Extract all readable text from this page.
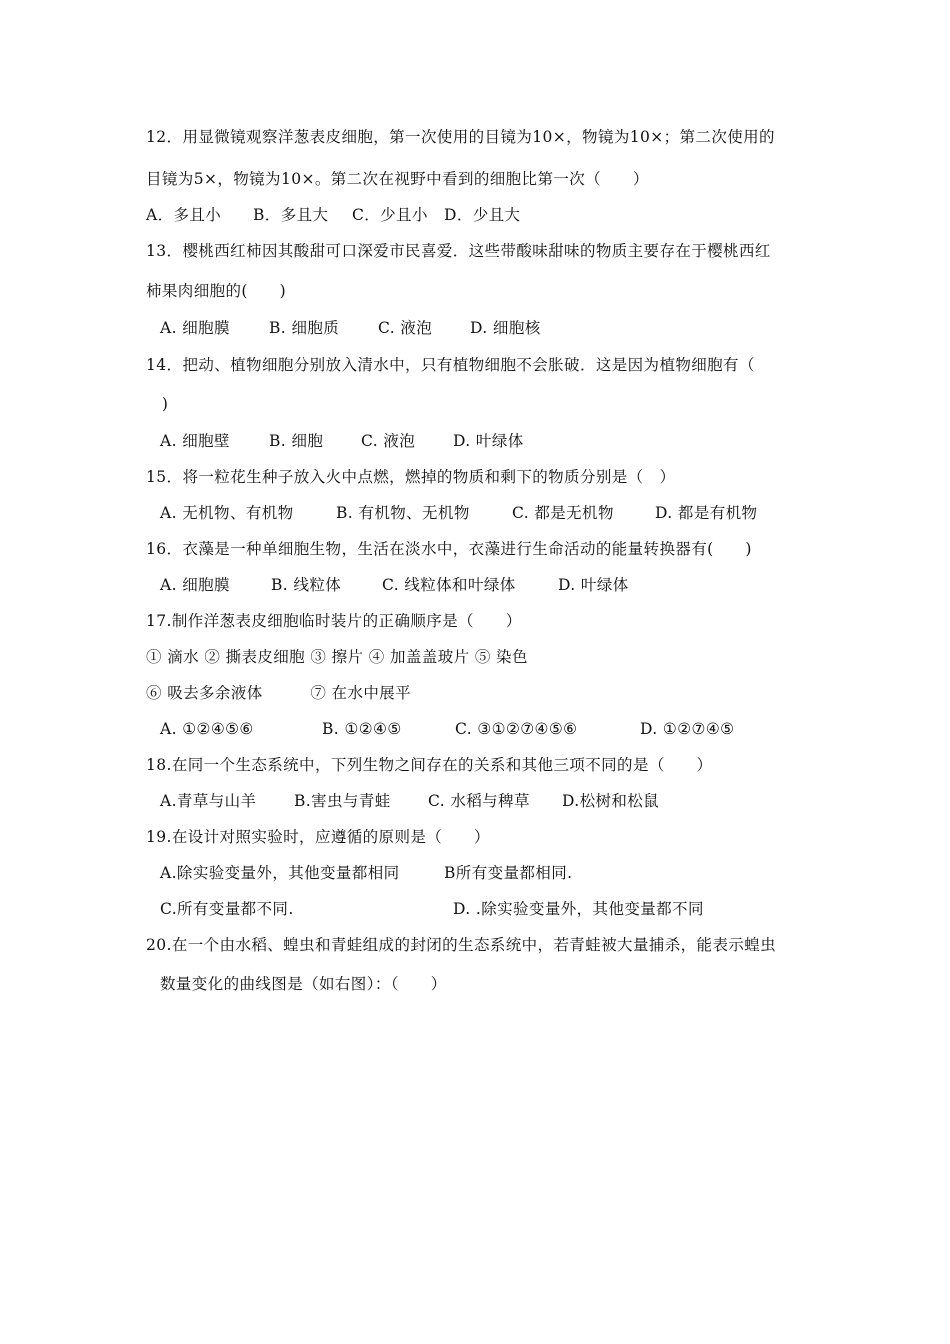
12．用显微镜观察洋葱表皮细胞，第一次使用的目镜为10×，物镜为10×；第二次使用的
目镜为5×，物镜为10×。第二次在视野中看到的细胞比第一次（　　）
A．多且小 B．多且大 C．少且小 D．少且大
13．樱桃西红柿因其酸甜可口深爱市民喜爱．这些带酸味甜味的物质主要存在于樱桃西红
柿果肉细胞的(　　)
A. 细胞膜	B. 细胞质	C. 液泡 D. 细胞核
14．把动、植物细胞分别放入清水中，只有植物细胞不会胀破．这是因为植物细胞有（
　)
A. 细胞壁	B. 细胞 C. 液泡 D. 叶绿体
15．将一粒花生种子放入火中点燃，燃掉的物质和剩下的物质分别是（　）
A. 无机物、有机物	B. 有机物、无机物	C. 都是无机物	D. 都是有机物
16．衣藻是一种单细胞生物，生活在淡水中，衣藻进行生命活动的能量转换器有(　　)
A. 细胞膜	B. 线粒体	C. 线粒体和叶绿体	D. 叶绿体
17.制作洋葱表皮细胞临时装片的正确顺序是（　　）
① 滴水 ② 撕表皮细胞 ③ 擦片 ④ 加盖盖玻片 ⑤ 染色
⑥ 吸去多余液体　　　⑦ 在水中展平
A. ①②④⑤⑥	B. ①②④⑤	C. ③①②⑦④⑤⑥	D. ①②⑦④⑤
18.在同一个生态系统中，下列生物之间存在的关系和其他三项不同的是（　　）
A.青草与山羊 B.害虫与青蛙 C. 水稻与稗草 D.松树和松鼠
19.在设计对照实验时，应遵循的原则是（　　）
A.除实验变量外，其他变量都相同	B所有变量都相同.
C.所有变量都不同.	D. .除实验变量外，其他变量都不同
20.在一个由水稻、蝗虫和青蛙组成的封闭的生态系统中，若青蛙被大量捕杀，能表示蝗虫
数量变化的曲线图是（如右图）：（　　）
